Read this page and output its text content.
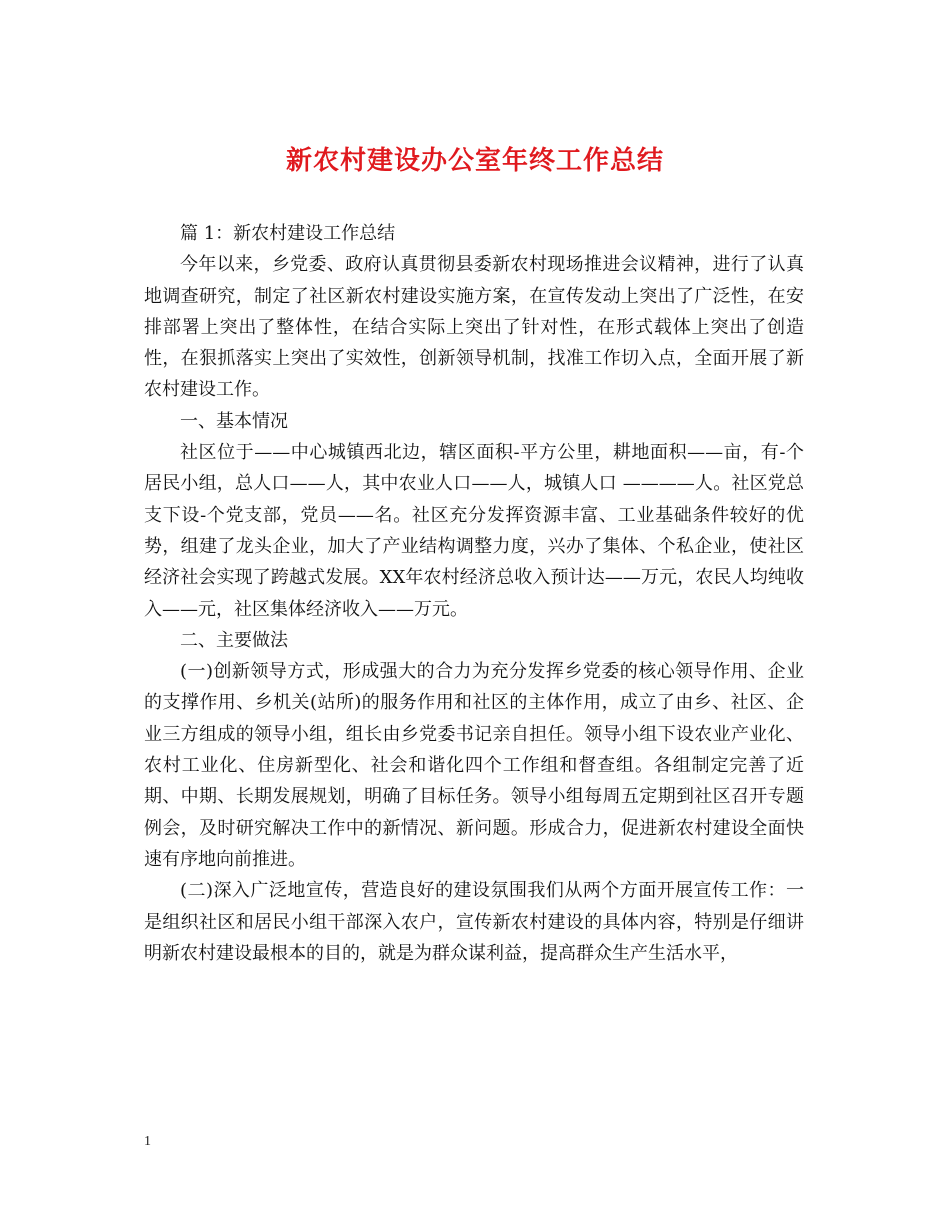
新农村建设办公室年终工作总结

篇 1：新农村建设工作总结

今年以来，乡党委、政府认真贯彻县委新农村现场推进会议精神，进行了认真地调查研究，制定了社区新农村建设实施方案，在宣传发动上突出了广泛性，在安排部署上突出了整体性，在结合实际上突出了针对性，在形式载体上突出了创造性，在狠抓落实上突出了实效性，创新领导机制，找准工作切入点，全面开展了新农村建设工作。

一、基本情况

社区位于——中心城镇西北边，辖区面积-平方公里，耕地面积——亩，有-个居民小组，总人口——人，其中农业人口——人，城镇人口 ————人。社区党总支下设-个党支部，党员——名。社区充分发挥资源丰富、工业基础条件较好的优势，组建了龙头企业，加大了产业结构调整力度，兴办了集体、个私企业，使社区经济社会实现了跨越式发展。XX年农村经济总收入预计达——万元，农民人均纯收入——元，社区集体经济收入——万元。

二、主要做法

(一)创新领导方式，形成强大的合力为充分发挥乡党委的核心领导作用、企业的支撑作用、乡机关(站所)的服务作用和社区的主体作用，成立了由乡、社区、企业三方组成的领导小组，组长由乡党委书记亲自担任。领导小组下设农业产业化、农村工业化、住房新型化、社会和谐化四个工作组和督查组。各组制定完善了近期、中期、长期发展规划，明确了目标任务。领导小组每周五定期到社区召开专题例会，及时研究解决工作中的新情况、新问题。形成合力，促进新农村建设全面快速有序地向前推进。

(二)深入广泛地宣传，营造良好的建设氛围我们从两个方面开展宣传工作：一是组织社区和居民小组干部深入农户，宣传新农村建设的具体内容，特别是仔细讲明新农村建设最根本的目的，就是为群众谋利益，提高群众生产生活水平，

1
